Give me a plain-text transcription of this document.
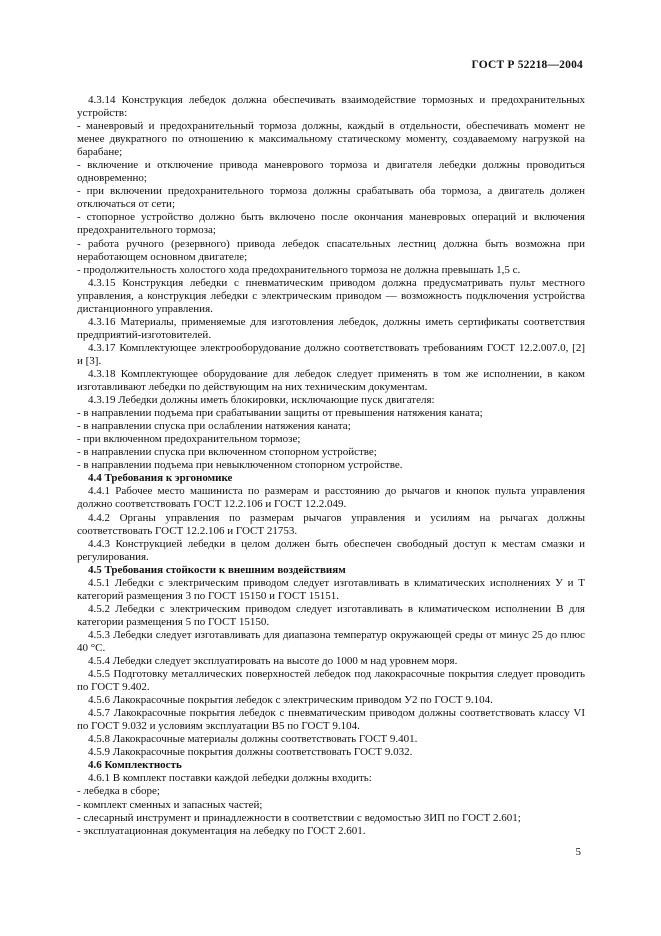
ГОСТ Р 52218—2004

4.3.14 Конструкция лебедок должна обеспечивать взаимодействие тормозных и предохранительных устройств:

- маневровый и предохранительный тормоза должны, каждый в отдельности, обеспечивать момент не менее двукратного по отношению к максимальному статическому моменту, создаваемому нагрузкой на барабане;

- включение и отключение привода маневрового тормоза и двигателя лебедки должны проводиться одновременно;

- при включении предохранительного тормоза должны срабатывать оба тормоза, а двигатель должен отключаться от сети;

- стопорное устройство должно быть включено после окончания маневровых операций и включения предохранительного тормоза;

- работа ручного (резервного) привода лебедок спасательных лестниц должна быть возможна при неработающем основном двигателе;

- продолжительность холостого хода предохранительного тормоза не должна превышать 1,5 с.

4.3.15 Конструкция лебедки с пневматическим приводом должна предусматривать пульт местного управления, а конструкция лебедки с электрическим приводом — возможность подключения устройства дистанционного управления.

4.3.16 Материалы, применяемые для изготовления лебедок, должны иметь сертификаты соответствия предприятий-изготовителей.

4.3.17 Комплектующее электрооборудование должно соответствовать требованиям ГОСТ 12.2.007.0, [2] и [3].

4.3.18 Комплектующее оборудование для лебедок следует применять в том же исполнении, в каком изготавливают лебедки по действующим на них техническим документам.

4.3.19 Лебедки должны иметь блокировки, исключающие пуск двигателя:

- в направлении подъема при срабатывании защиты от превышения натяжения каната;

- в направлении спуска при ослаблении натяжения каната;

- при включенном предохранительном тормозе;

- в направлении спуска при включенном стопорном устройстве;

- в направлении подъема при невыключенном стопорном устройстве.

4.4 Требования к эргономике

4.4.1 Рабочее место машиниста по размерам и расстоянию до рычагов и кнопок пульта управления должно соответствовать ГОСТ 12.2.106 и ГОСТ 12.2.049.

4.4.2 Органы управления по размерам рычагов управления и усилиям на рычагах должны соответствовать ГОСТ 12.2.106 и ГОСТ 21753.

4.4.3 Конструкцией лебедки в целом должен быть обеспечен свободный доступ к местам смазки и регулирования.

4.5 Требования стойкости к внешним воздействиям

4.5.1 Лебедки с электрическим приводом следует изготавливать в климатических исполнениях У и Т категорий размещения 3 по ГОСТ 15150 и ГОСТ 15151.

4.5.2 Лебедки с электрическим приводом следует изготавливать в климатическом исполнении В для категории размещения 5 по ГОСТ 15150.

4.5.3 Лебедки следует изготавливать для диапазона температур окружающей среды от минус 25 до плюс 40 °С.

4.5.4 Лебедки следует эксплуатировать на высоте до 1000 м над уровнем моря.

4.5.5 Подготовку металлических поверхностей лебедок под лакокрасочные покрытия следует проводить по ГОСТ 9.402.

4.5.6 Лакокрасочные покрытия лебедок с электрическим приводом У2 по ГОСТ 9.104.

4.5.7 Лакокрасочные покрытия лебедок с пневматическим приводом должны соответствовать классу VI по ГОСТ 9.032 и условиям эксплуатации В5 по ГОСТ 9.104.

4.5.8 Лакокрасочные материалы должны соответствовать ГОСТ 9.401.

4.5.9 Лакокрасочные покрытия должны соответствовать ГОСТ 9.032.

4.6 Комплектность

4.6.1 В комплект поставки каждой лебедки должны входить:

- лебедка в сборе;

- комплект сменных и запасных частей;

- слесарный инструмент и принадлежности в соответствии с ведомостью ЗИП по ГОСТ 2.601;

- эксплуатационная документация на лебедку по ГОСТ 2.601.

5
